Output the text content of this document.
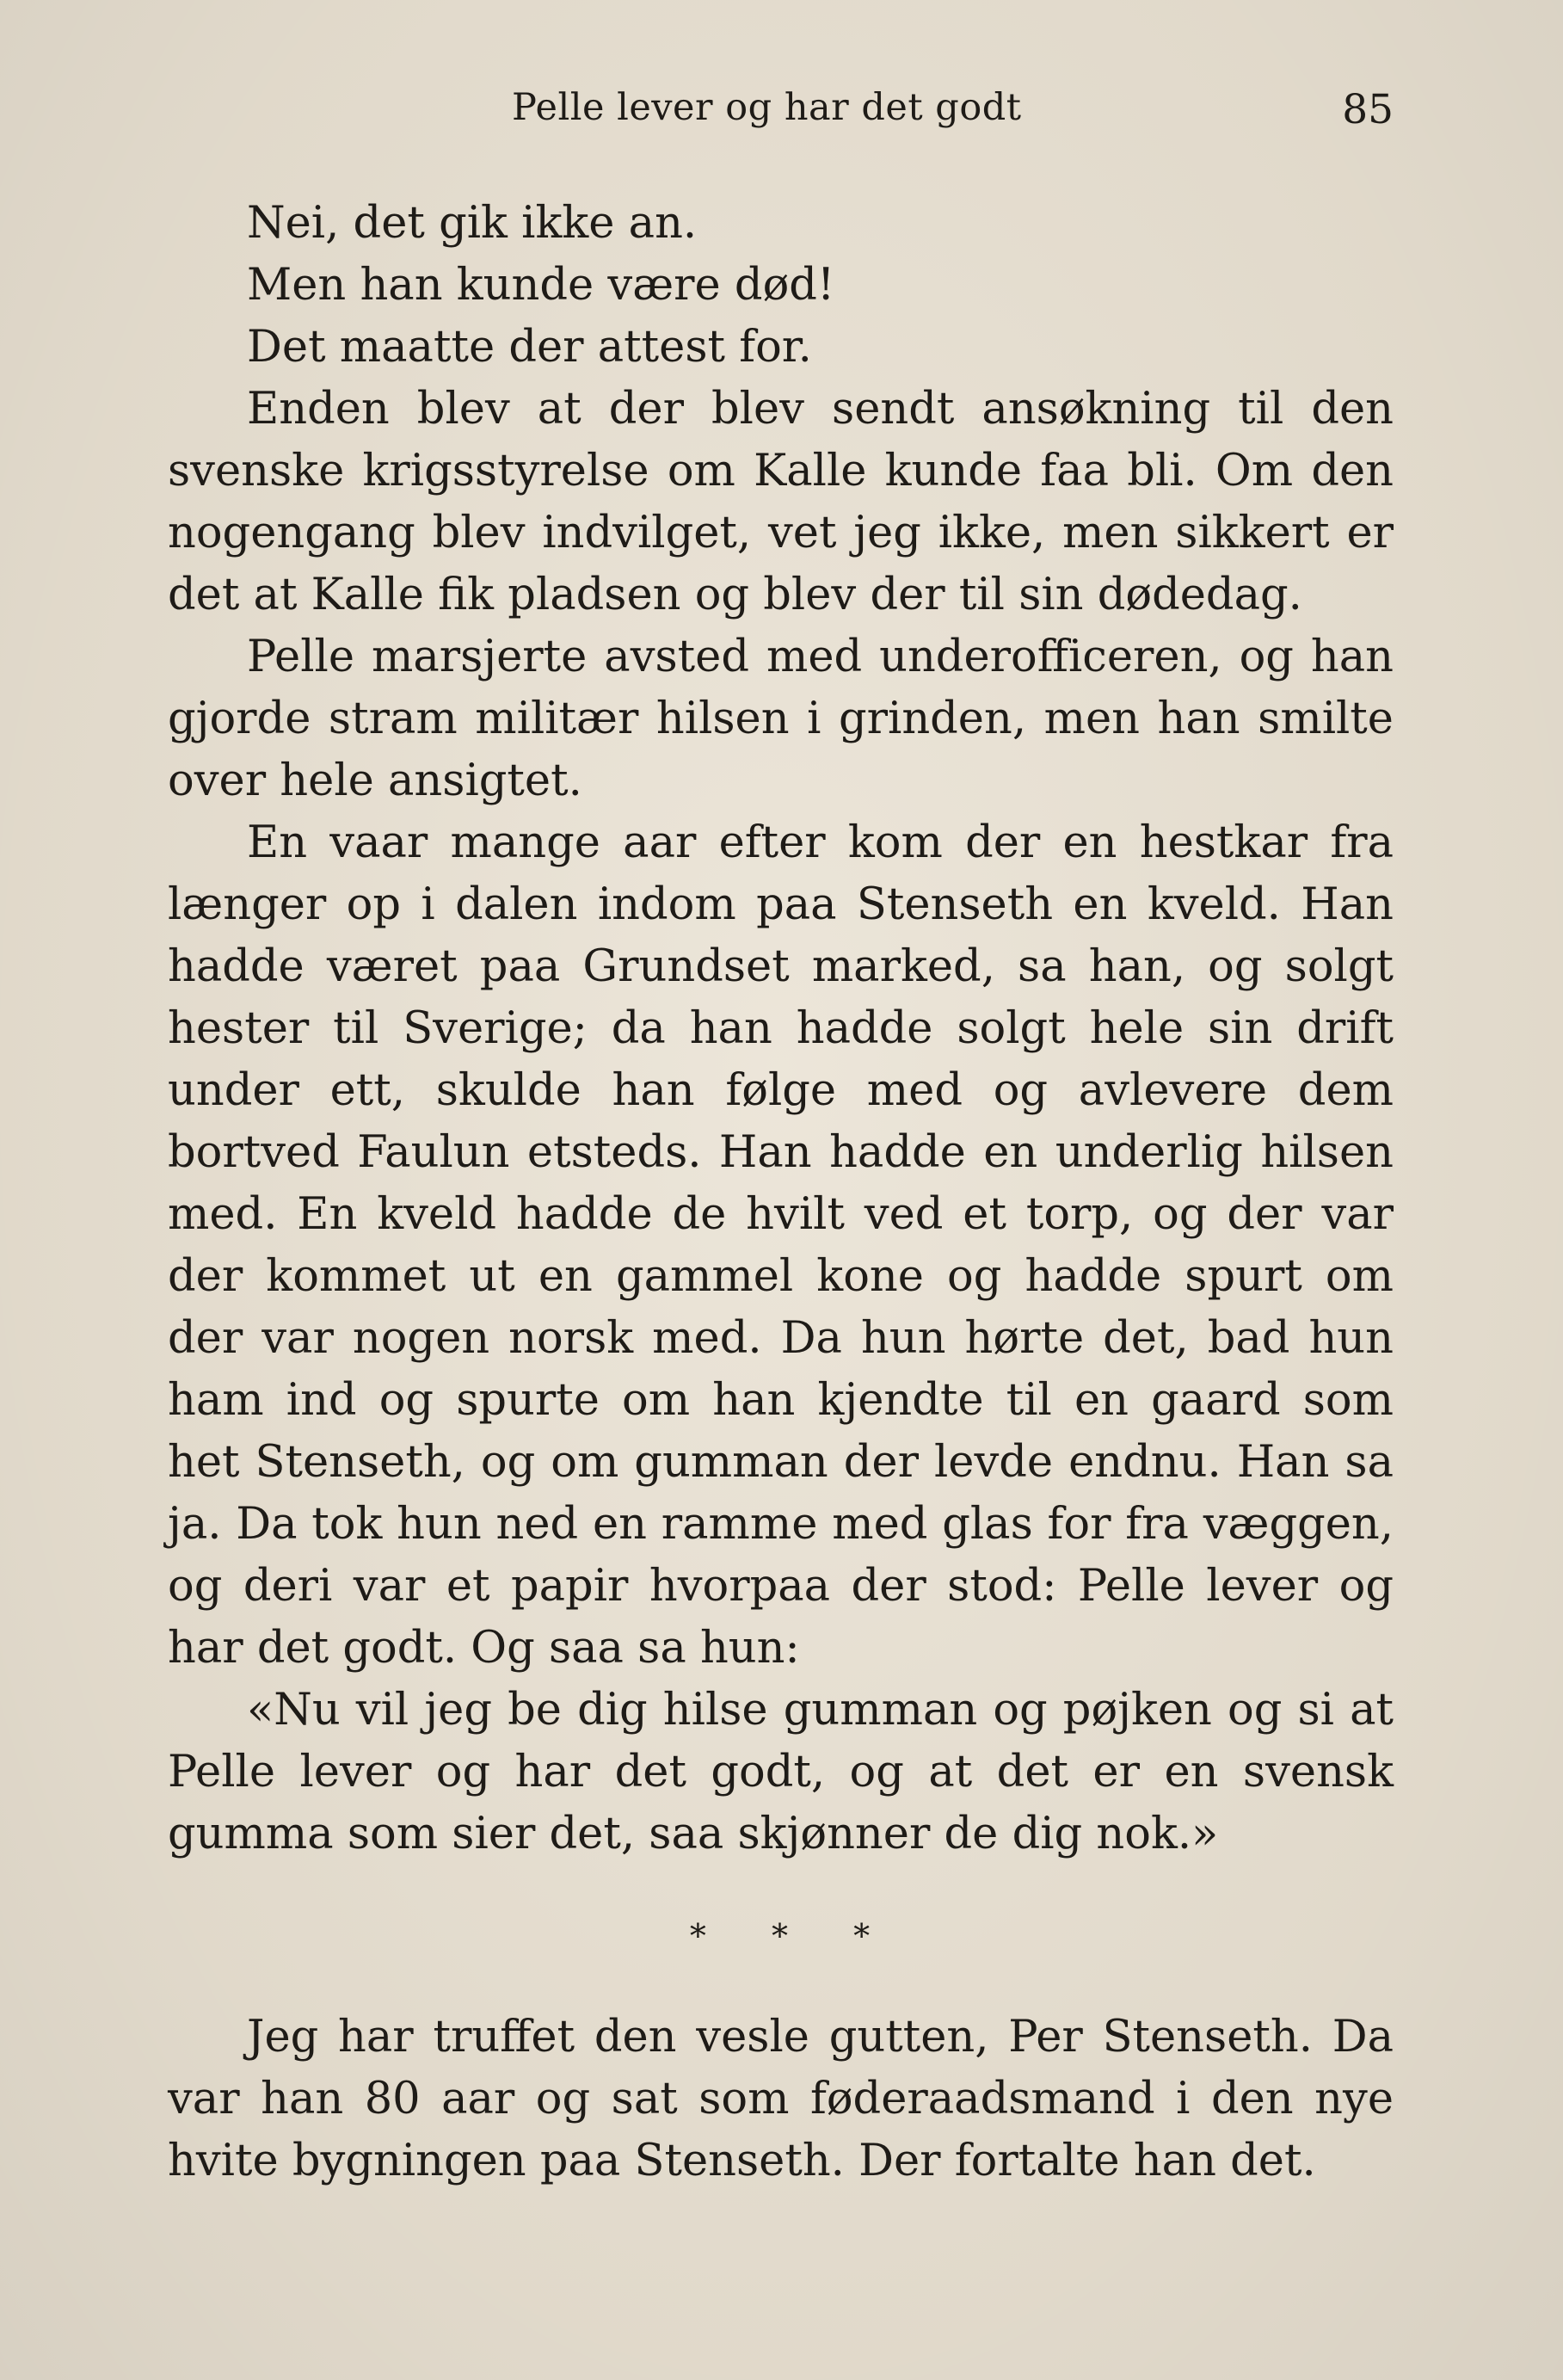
Pelle lever og har det godt	85

Nei, det gik ikke an.

Men han kunde være død!

Det maatte der attest for.

Enden blev at der blev sendt ansøkning til den svenske krigsstyrelse om Kalle kunde faa bli. Om den nogengang blev indvilget, vet jeg ikke, men sikkert er det at Kalle fik pladsen og blev der til sin dødedag.

Pelle marsjerte avsted med underofficeren, og han gjorde stram militær hilsen i grinden, men han smilte over hele ansigtet.

En vaar mange aar efter kom der en hestkar fra længer op i dalen indom paa Stenseth en kveld. Han hadde været paa Grundset marked, sa han, og solgt hester til Sverige; da han hadde solgt hele sin drift under ett, skulde han følge med og avlevere dem bortved Faulun etsteds. Han hadde en underlig hilsen med. En kveld hadde de hvilt ved et torp, og der var der kommet ut en gammel kone og hadde spurt om der var nogen norsk med. Da hun hørte det, bad hun ham ind og spurte om han kjendte til en gaard som het Stenseth, og om gumman der levde endnu. Han sa ja. Da tok hun ned en ramme med glas for fra væggen, og deri var et papir hvorpaa der stod: Pelle lever og har det godt. Og saa sa hun:

«Nu vil jeg be dig hilse gumman og pøjken og si at Pelle lever og har det godt, og at det er en svensk gumma som sier det, saa skjønner de dig nok.»

* * *

Jeg har truffet den vesle gutten, Per Stenseth. Da var han 80 aar og sat som føderaadsmand i den nye hvite bygningen paa Stenseth. Der fortalte han det.
